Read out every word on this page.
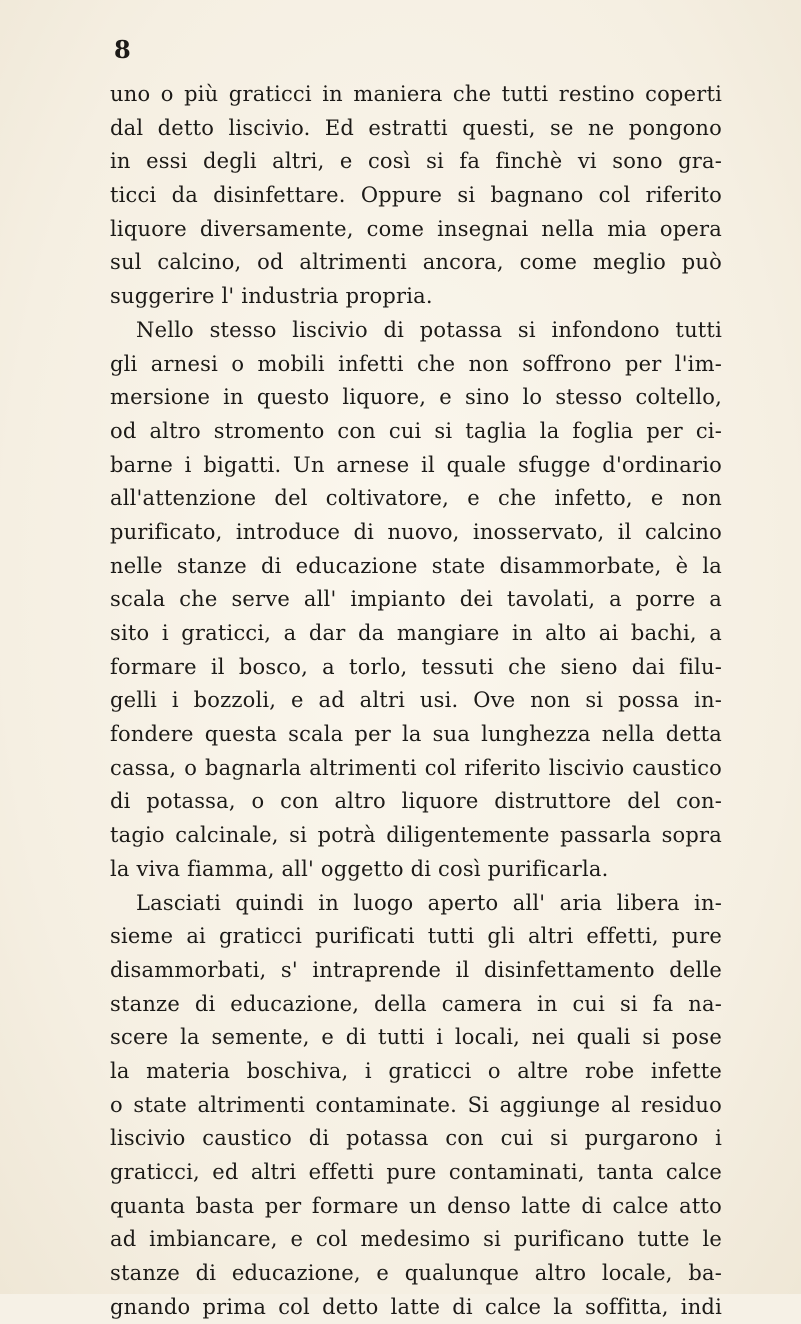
8
uno o più graticci in maniera che tutti restino coperti
dal detto liscivio. Ed estratti questi, se ne pongono
in essi degli altri, e così si fa finchè vi sono gra-
ticci da disinfettare. Oppure si bagnano col riferito
liquore diversamente, come insegnai nella mia opera
sul calcino, od altrimenti ancora, come meglio può
suggerire l' industria propria.
Nello stesso liscivio di potassa si infondono tutti
gli arnesi o mobili infetti che non soffrono per l'im-
mersione in questo liquore, e sino lo stesso coltello,
od altro stromento con cui si taglia la foglia per ci-
barne i bigatti. Un arnese il quale sfugge d'ordinario
all'attenzione del coltivatore, e che infetto, e non
purificato, introduce di nuovo, inosservato, il calcino
nelle stanze di educazione state disammorbate, è la
scala che serve all' impianto dei tavolati, a porre a
sito i graticci, a dar da mangiare in alto ai bachi, a
formare il bosco, a torlo, tessuti che sieno dai filu-
gelli i bozzoli, e ad altri usi. Ove non si possa in-
fondere questa scala per la sua lunghezza nella detta
cassa, o bagnarla altrimenti col riferito liscivio caustico
di potassa, o con altro liquore distruttore del con-
tagio calcinale, si potrà diligentemente passarla sopra
la viva fiamma, all' oggetto di così purificarla.
Lasciati quindi in luogo aperto all' aria libera in-
sieme ai graticci purificati tutti gli altri effetti, pure
disammorbati, s' intraprende il disinfettamento delle
stanze di educazione, della camera in cui si fa na-
scere la semente, e di tutti i locali, nei quali si pose
la materia boschiva, i graticci o altre robe infette
o state altrimenti contaminate. Si aggiunge al residuo
liscivio caustico di potassa con cui si purgarono i
graticci, ed altri effetti pure contaminati, tanta calce
quanta basta per formare un denso latte di calce atto
ad imbiancare, e col medesimo si purificano tutte le
stanze di educazione, e qualunque altro locale, ba-
gnando prima col detto latte di calce la soffitta, indi
